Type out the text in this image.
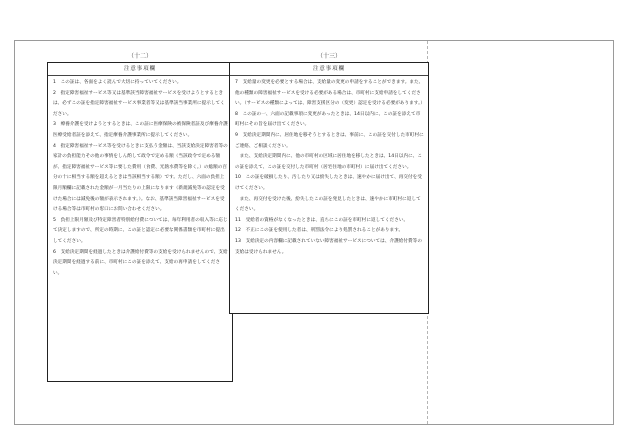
（十二）
注意事項欄

1　この証は、各面をよく読んで大切に持っていてください。

2　指定障害福祉サービス等又は基準該当障害福祉サービスを受けようとするときは、必ずこの証を指定障害福祉サービス事業者等又は基準該当事業所に提示してください。

3　療養介護を受けようとするときは、この証に医療保険の被保険者証及び療養介護医療受給者証を添えて、指定療養介護事業所に提示してください。

4　指定障害福祉サービス等を受けるときに支払う金額は、当該支給決定障害者等の家計の負担能力その他の事情をしん酌して政令で定める額（当該政令で定める額が、指定障害福祉サービス等に要した費用（食費、光熱水費等を除く。）の総額の百分の十に相当する額を超えるときは当該相当する額）です。ただし、六面の負担上限月額欄に記載された金額が一月当たりの上限になります（新規減免等の認定を受けた場合には減免後の額が表示されます。）。なお、基準該当障害福祉サービスを受ける場合等は市町村の窓口にお問い合わせください。

5　負担上限月額及び特定障害者特別給付費については、毎年利用者の収入等に応じて決定しますので、所定の時期に、この証と認定に必要な関係書類を市町村に提出してください。

6　支給決定期間を経過したときは介護給付費等の支給を受けられませんので、支給決定期間を経過する前に、市町村にこの証を添えて、支給の再申請をしてください。

（十三）
注意事項欄

7　支給量の変更を必要とする場合は、支給量の変更の申請をすることができます。また、他の種類の障害福祉サービスを受ける必要がある場合は、市町村に支給申請をしてください。（サービスの種類によっては、障害支援区分の（変更）認定を受ける必要があります。）

8　この証の一、六面の記載事項に変更があったときは、14日以内に、この証を添えて市町村にその旨を届け出てください。

9　支給決定期間内に、居住地を移そうとするときは、事前に、この証を交付した市町村にご連絡、ご相談ください。

　また、支給決定期間内に、他の市町村の区域に居住地を移したときは、14日以内に、この証を添えて、この証を交付した市町村（居宅住地の市町村）に届け出てください。

10　この証を破損したり、汚したり又は紛失したときは、速やかに届け出て、再交付を受けてください。

　また、再交付を受けた後、紛失したこの証を発見したときは、速やかに市町村に返してください。

11　受給者の資格がなくなったときは、直ちにこの証を市町村に返してください。

12　不正にこの証を使用した者は、刑罰法令により処罰されることがあります。

13　支給決定の内容欄に記載されていない障害福祉サービスについては、介護給付費等の支給は受けられません。
